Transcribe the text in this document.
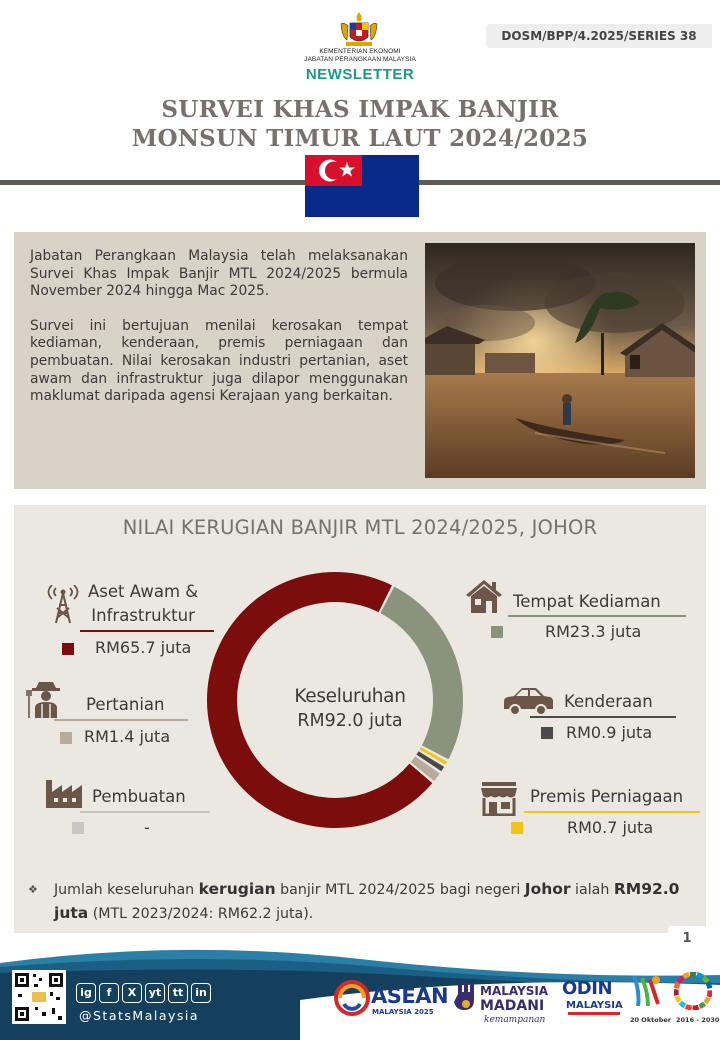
DOSM/BPP/4.2025/SERIES 38
KEMENTERIAN EKONOMI
JABATAN PERANGKAAN MALAYSIA
NEWSLETTER
SURVEI KHAS IMPAK BANJIR
MONSUN TIMUR LAUT 2024/2025

Jabatan Perangkaan Malaysia telah melaksanakan Survei Khas Impak Banjir MTL 2024/2025 bermula November 2024 hingga Mac 2025.

Survei ini bertujuan menilai kerosakan tempat kediaman, kenderaan, premis perniagaan dan pembuatan. Nilai kerosakan industri pertanian, aset awam dan infrastruktur juga dilapor menggunakan maklumat daripada agensi Kerajaan yang berkaitan.

NILAI KERUGIAN BANJIR MTL 2024/2025, JOHOR
Keseluruhan
RM92.0 juta
Aset Awam &
Infrastruktur
RM65.7 juta
Pertanian
RM1.4 juta
Pembuatan
-
Tempat Kediaman
RM23.3 juta
Kenderaan
RM0.9 juta
Premis Perniagaan
RM0.7 juta
❖	Jumlah keseluruhan kerugian banjir MTL 2024/2025 bagi negeri Johor ialah RM92.0 juta (MTL 2023/2024: RM62.2 juta).
1
ig	f	X	yt	tt	in
@StatsMalaysia
ASEAN
MALAYSIA 2025
MALAYSIA
MADANI
kemampanan
ODIN
MALAYSIA
20 Oktober 2016 - 2030
